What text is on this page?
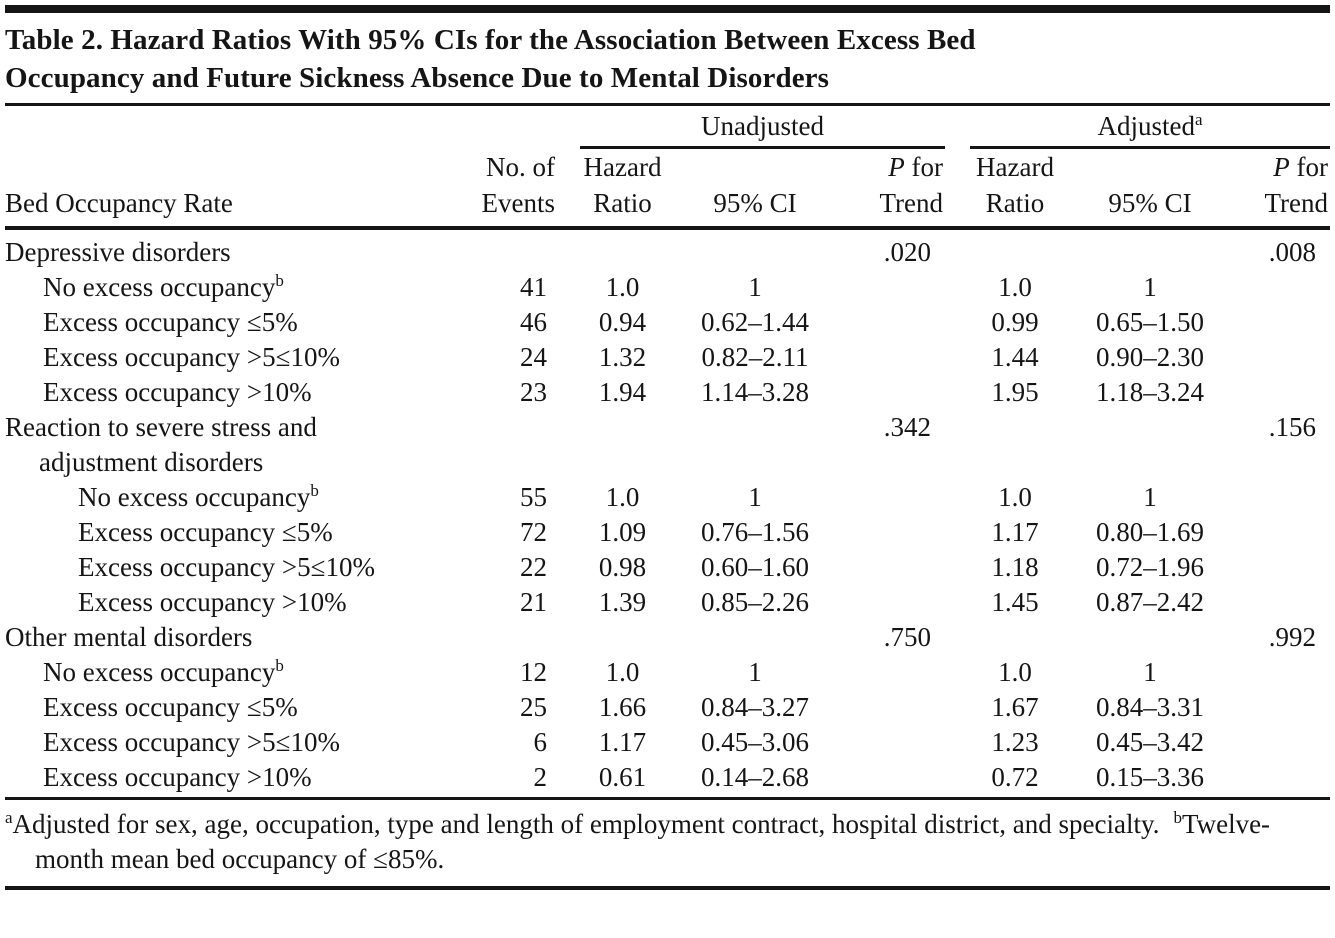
Table 2. Hazard Ratios With 95% CIs for the Association Between Excess Bed
Occupancy and Future Sickness Absence Due to Mental Disorders

		Unadjusted			Adjusted$^a$

Bed Occupancy Rate	
No. of
Events

Hazard
Ratio	95% CI	
P for
Trend

Hazard
Ratio	95% CI	
P for
Trend

Depressive disorders				.020			.008
No excess occupancy$^b$	41	1.0	1		1.0	1	
Excess occupancy ≤5%	46	0.94	0.62–1.44		0.99	0.65–1.50	
Excess occupancy >5≤10%	24	1.32	0.82–2.11		1.44	0.90–2.30	
Excess occupancy >10%	23	1.94	1.14–3.28		1.95	1.18–3.24	
Reaction to severe stress and
adjustment disorders				.342			.156
No excess occupancy$^b$	55	1.0	1		1.0	1	
Excess occupancy ≤5%	72	1.09	0.76–1.56		1.17	0.80–1.69	
Excess occupancy >5≤10%	22	0.98	0.60–1.60		1.18	0.72–1.96	
Excess occupancy >10%	21	1.39	0.85–2.26		1.45	0.87–2.42	
Other mental disorders				.750			.992
No excess occupancy$^b$	12	1.0	1		1.0	1	
Excess occupancy ≤5%	25	1.66	0.84–3.27		1.67	0.84–3.31	
Excess occupancy >5≤10%	6	1.17	0.45–3.06		1.23	0.45–3.42	
Excess occupancy >10%	2	0.61	0.14–2.68		0.72	0.15–3.36	

$^a$Adjusted for sex, age, occupation, type and length of employment contract, hospital district, and specialty. $^b$Twelve-month mean bed occupancy of ≤85%.
